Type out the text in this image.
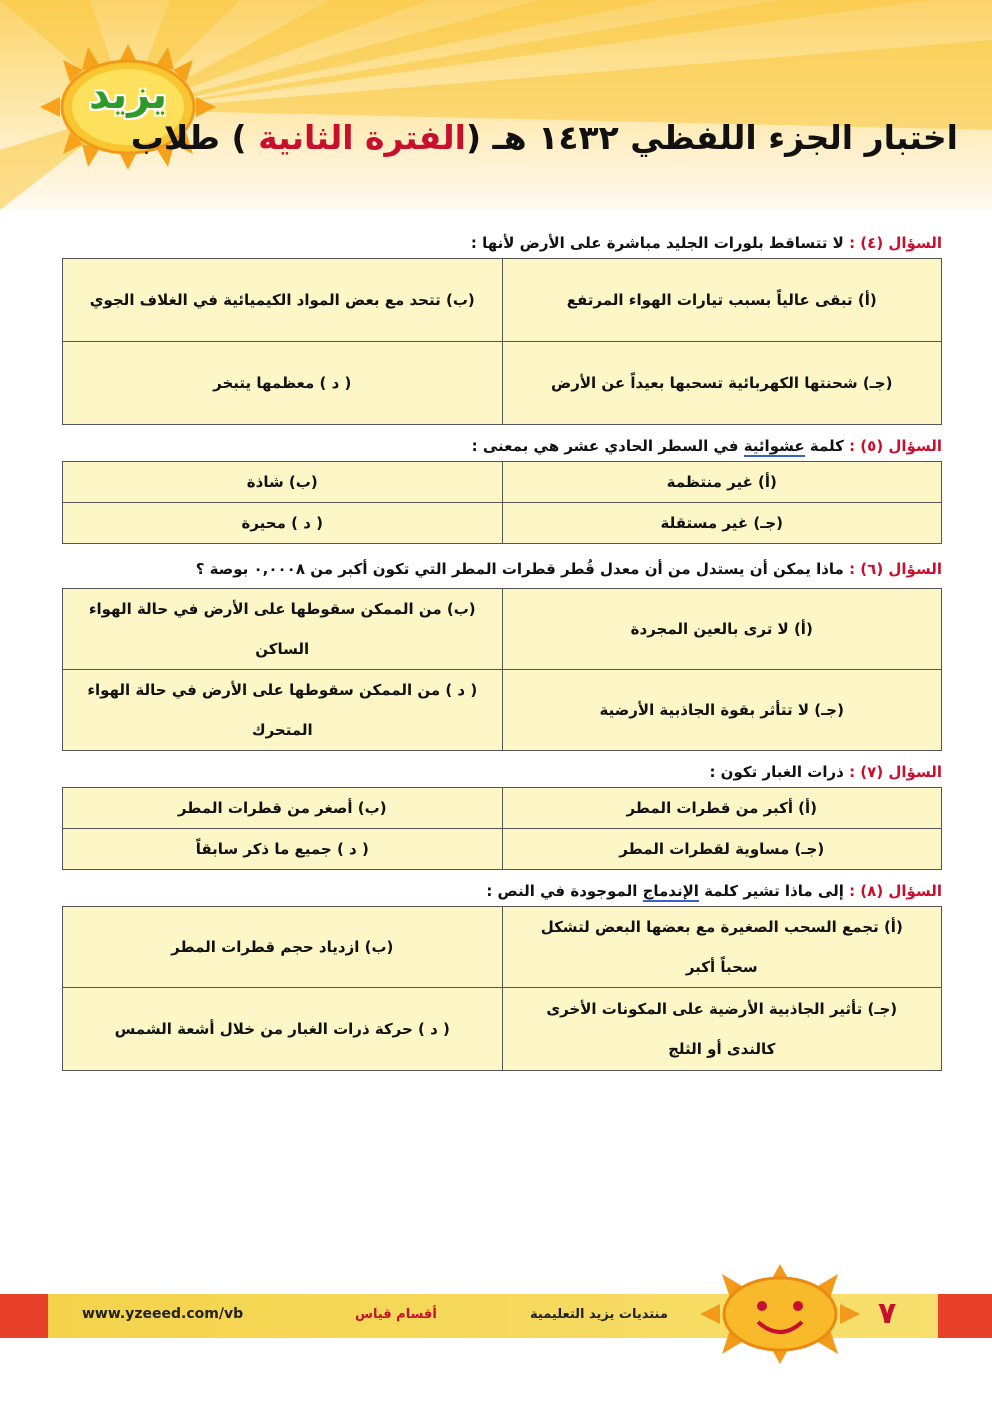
يزيد
اختبار الجزء اللفظي ١٤٣٢ هـ (الفترة الثانية ) طلاب
السؤال (٤) : لا تتساقط بلورات الجليد مباشرة على الأرض لأنها :
(أ) تبقى عالياً بسبب تيارات الهواء المرتفع	(ب) تتحد مع بعض المواد الكيميائية في الغلاف الجوي
(جـ) شحنتها الكهربائية تسحبها بعيداً عن الأرض	( د ) معظمها يتبخر
السؤال (٥) : كلمة عشوائية في السطر الحادي عشر هي بمعنى :
(أ) غير منتظمة	(ب) شاذة
(جـ) غير مستقلة	( د ) محيرة
السؤال (٦) : ماذا يمكن أن يستدل من أن معدل قُطر قطرات المطر التي تكون أكبر من ٠,٠٠٠٨ بوصة ؟
(أ) لا ترى بالعين المجردة	(ب) من الممكن سقوطها على الأرض في حالة الهواء الساكن
(جـ) لا تتأثر بقوة الجاذبية الأرضية	( د ) من الممكن سقوطها على الأرض في حالة الهواء المتحرك
السؤال (٧) : ذرات الغبار تكون :
(أ) أكبر من قطرات المطر	(ب) أصغر من قطرات المطر
(جـ) مساوية لقطرات المطر	( د ) جميع ما ذكر سابقاً
السؤال (٨) : إلى ماذا تشير كلمة الإندماج الموجودة في النص :
(أ) تجمع السحب الصغيرة مع بعضها البعض لتشكل سحباً أكبر	(ب) ازدياد حجم قطرات المطر
(جـ) تأثير الجاذبية الأرضية على المكونات الأخرى كالندى أو الثلج	( د ) حركة ذرات الغبار من خلال أشعة الشمس
www.yzeeed.com/vb	أقسام قياس	منتديات يزيد التعليمية	٧
